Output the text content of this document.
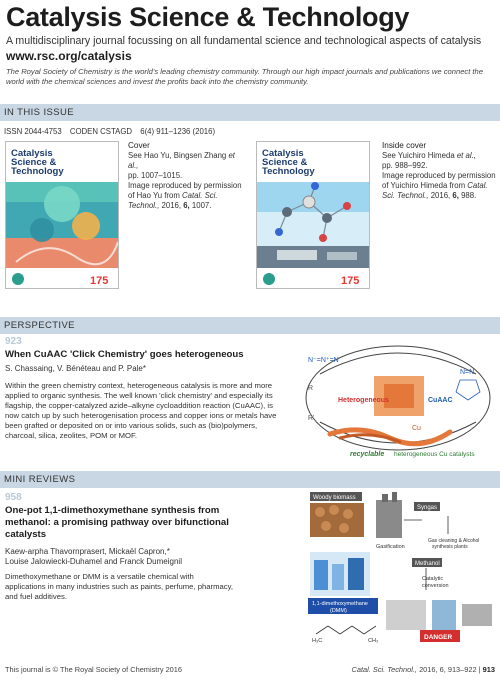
Catalysis Science & Technology
A multidisciplinary journal focussing on all fundamental science and technological aspects of catalysis
www.rsc.org/catalysis
The Royal Society of Chemistry is the world's leading chemistry community. Through our high impact journals and publications we connect the world with the chemical sciences and invest the profits back into the chemistry community.
IN THIS ISSUE
ISSN 2044-4753 CODEN CSTAGD 6(4) 911–1236 (2016)
Catalysis
Science &
Technology
175
Cover
See Hao Yu, Bingsen Zhang et al.,
pp. 1007–1015.
Image reproduced by permission of Hao Yu from Catal. Sci. Technol., 2016, 6, 1007.
Catalysis
Science &
Technology
175
Inside cover
See Yuichiro Himeda et al.,
pp. 988–992.
Image reproduced by permission of Yuichiro Himeda from Catal. Sci. Technol., 2016, 6, 988.
PERSPECTIVE
923
When CuAAC 'Click Chemistry' goes heterogeneous
S. Chassaing, V. Bénéteau and P. Pale*
Within the green chemistry context, heterogeneous catalysis is more and more applied to organic synthesis. The well known 'click chemistry' and especially its flagship, the copper-catalyzed azide–alkyne cycloaddition reaction (CuAAC), is now catch up by such heterogenisation process and copper ions or metals have been grafted or deposited on or into various solids, such as (bio)polymers, charcoal, silica, zeolites, POM or MOF.
N⁻=N⁺=N
R
R'
Heterogeneous	CuAAC
N=N
Cu
recyclable heterogeneous Cu catalysts
MINI REVIEWS
958
One-pot 1,1-dimethoxymethane synthesis from
methanol: a promising pathway over bifunctional
catalysts
Kaew-arpha Thavornprasert, Mickaël Capron,*
Louise Jalowiecki-Duhamel and Franck Dumeignil
Dimethoxymethane or DMM is a versatile chemical with applications in many industries such as paints, perfume, pharmacy, and fuel additives.
Woody biomass
Gasification
Syngas
Gas cleaning & Alcohol
synthesis plants
Methanol
Catalytic
conversion
1,1-dimethoxymethane
(DMM)
H₃C	CH₃	DANGER
This journal is © The Royal Society of Chemistry 2016	Catal. Sci. Technol., 2016, 6, 913–922 | 913
